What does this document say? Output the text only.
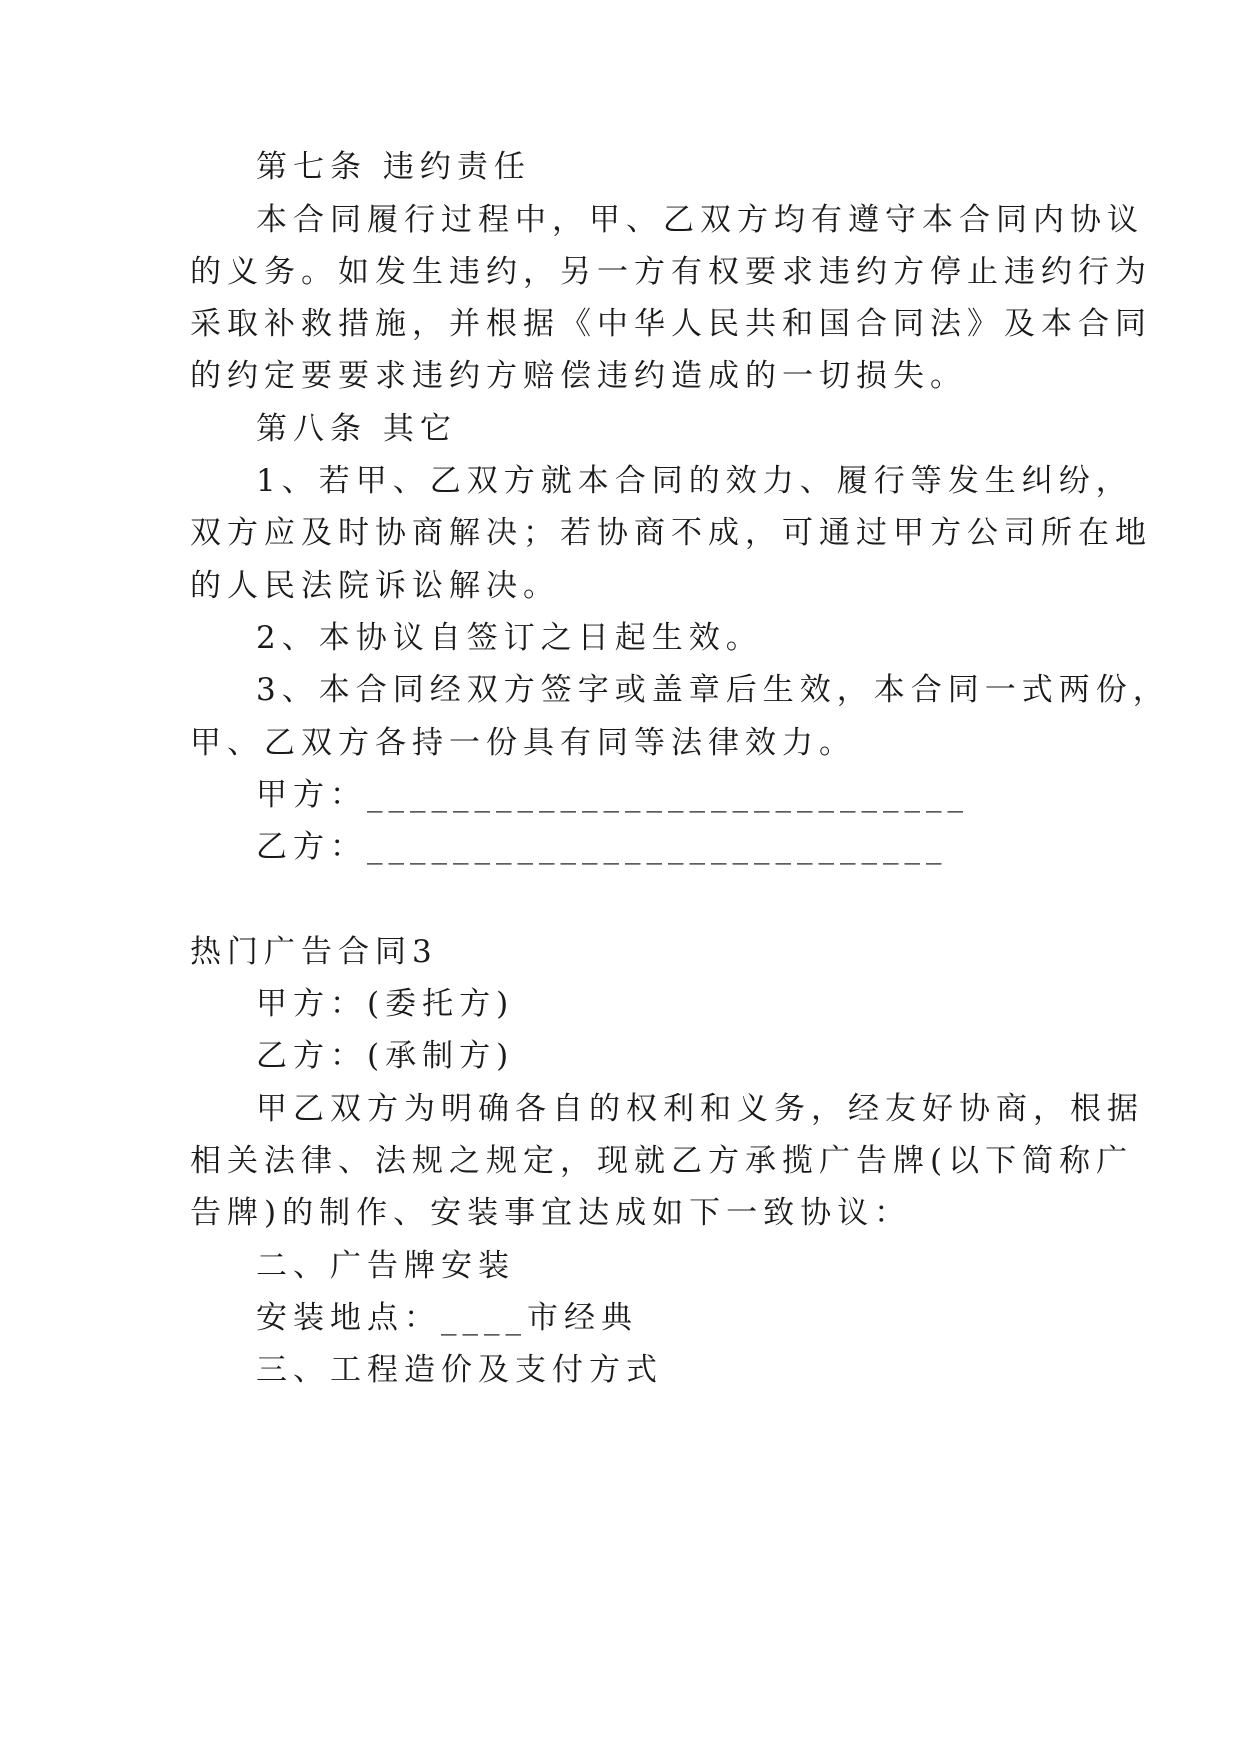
第七条 违约责任
本合同履行过程中，甲、乙双方均有遵守本合同内协议
的义务。如发生违约，另一方有权要求违约方停止违约行为
采取补救措施，并根据《中华人民共和国合同法》及本合同
的约定要要求违约方赔偿违约造成的一切损失。
第八条 其它
1、若甲、乙双方就本合同的效力、履行等发生纠纷，
双方应及时协商解决；若协商不成，可通过甲方公司所在地
的人民法院诉讼解决。
2、本协议自签订之日起生效。
3、本合同经双方签字或盖章后生效，本合同一式两份，
甲、乙双方各持一份具有同等法律效力。
甲方：____________________________
乙方：___________________________
热门广告合同3
甲方：(委托方)
乙方：(承制方)
甲乙双方为明确各自的权利和义务，经友好协商，根据
相关法律、法规之规定，现就乙方承揽广告牌(以下简称广
告牌)的制作、安装事宜达成如下一致协议：
二、广告牌安装
安装地点：____市经典
三、工程造价及支付方式
